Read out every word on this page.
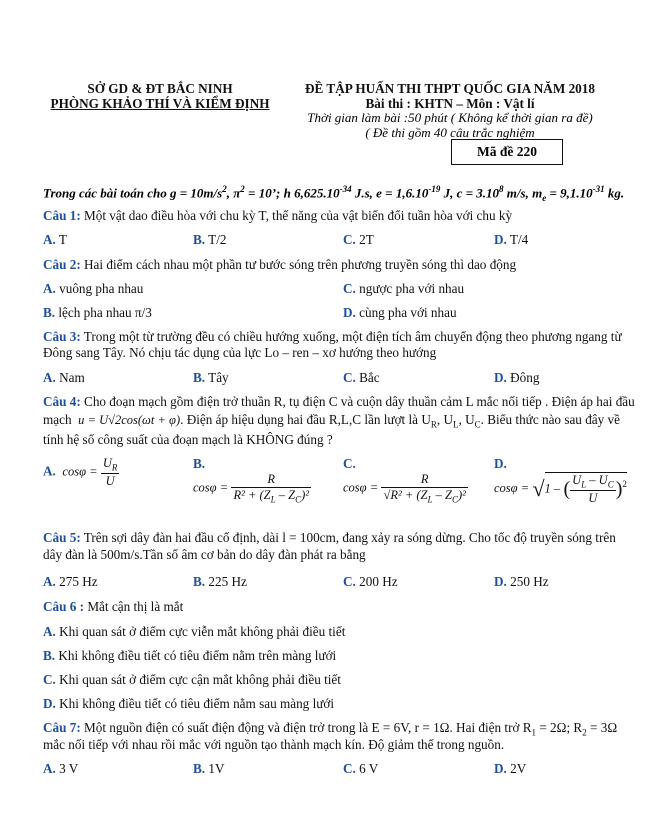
SỞ GD & ĐT BẮC NINH
PHÒNG KHẢO THÍ VÀ KIỂM ĐỊNH
ĐỀ TẬP HUẤN THI THPT QUỐC GIA NĂM 2018
Bài thi : KHTN – Môn : Vật lí
Thời gian làm bài :50 phút ( Không kể thời gian ra đề)
( Đề thi gồm 40 câu trắc nghiệm
Mã đề 220
Trong các bài toán cho $g = 10m/s^2$, $\pi^2 = 10$’; h $6,625.10^{-34}$ J.s, $e = 1,6.10^{-19}$ J, $c = 3.10^8$ m/s, $m_e = 9,1.10^{-31}$ kg.
Câu 1: Một vật dao điều hòa với chu kỳ T, thế năng của vật biến đổi tuần hòa với chu kỳ
A. T	B. T/2	C. 2T	D. T/4
Câu 2: Hai điểm cách nhau một phần tư bước sóng trên phương truyền sóng thì dao động
A. vuông pha nhau	C. ngược pha với nhau
B. lệch pha nhau π/3	D. cùng pha với nhau
Câu 3: Trong một từ trường đều có chiều hướng xuống, một điện tích âm chuyển động theo phương ngang từ
Đông sang Tây. Nó chịu tác dụng của lực Lo – ren – xơ hướng theo hướng
A. Nam	B. Tây	C. Bắc	D. Đông
Câu 4: Cho đoạn mạch gồm điện trở thuần R, tụ điện C và cuộn dây thuần cảm L mắc nối tiếp . Điện áp hai đầu
mạch u = U√2cos(ωt + φ). Điện áp hiệu dụng hai đầu R,L,C lần lượt là $U_R$, $U_L$, $U_C$. Biểu thức nào sau đây về
tính hệ số công suất của đoạn mạch là KHÔNG đúng ?
A. $\cos\varphi = \frac{U_R}{U}$	B.
$\cos\varphi = \frac{R}{R^2 + (Z_L - Z_C)^2}$
C.
$\cos\varphi = \frac{R}{√R^2 + (Z_L - Z_C)^2}$
D.
cosφ = √1 – ( $\frac{U_L - U_C}{U} )^2$
Câu 5: Trên sợi dây đàn hai đầu cố định, dài l = 100cm, đang xảy ra sóng dừng. Cho tốc độ truyền sóng trên
dây đàn là 500m/s.Tần số âm cơ bản do dây đàn phát ra bằng
A. 275 Hz	B. 225 Hz	C. 200 Hz	D. 250 Hz
Câu 6 : Mắt cận thị là mắt
A. Khi quan sát ở điểm cực viễn mắt không phải điều tiết
B. Khi không điều tiết có tiêu điểm nằm trên màng lưới
C. Khi quan sát ở điểm cực cận mắt không phải điều tiết
D. Khi không điều tiết có tiêu điểm nằm sau màng lưới
Câu 7: Một nguồn điện có suất điện động và điện trở trong là E = 6V, r = 1Ω. Hai điện trở $R_1 = 2\Omega$; $R_2 = 3\Omega$
mắc nối tiếp với nhau rồi mắc với nguồn tạo thành mạch kín. Độ giảm thế trong nguồn.
A. 3 V	B. 1V	C. 6 V	D. 2V
